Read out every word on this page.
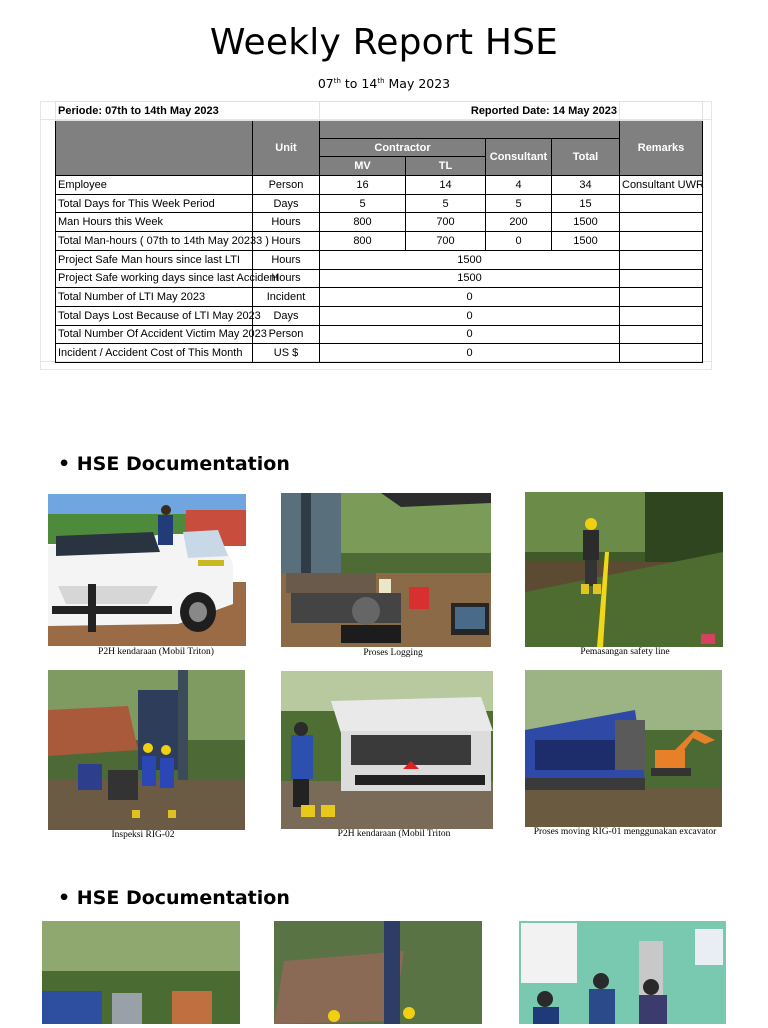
Weekly Report HSE
07th to 14th May 2023
Periode: 07th to 14th May 2023		Reported Date: 14 May 2023				
	Unit					Remarks
		Contractor		Consultant	Total	
		MV	TL			
Employee	Person	16	14	4	34	Consultant UWR
Total Days for This Week Period	Days	5	5	5	15	
Man Hours this Week	Hours	800	700	200	1500	
Total Man-hours ( 07th to 14th May 20233 )	Hours	800	700	0	1500	
Project Safe Man hours since last LTI	Hours	1500				
Project Safe working days since last Accident	Hours	1500				
Total Number of LTI May 2023	Incident	0				
Total Days Lost Because of LTI May 2023	Days	0				
Total Number Of Accident Victim May 2023	Person	0				
Incident / Accident Cost of This Month	US $	0				
• HSE Documentation
P2H kendaraan (Mobil Triton)	Proses Logging	Pemasangan safety line
Inspeksi RIG-02	P2H kendaraan (Mobil Triton	Proses moving RIG-01 menggunakan excavator
• HSE Documentation
